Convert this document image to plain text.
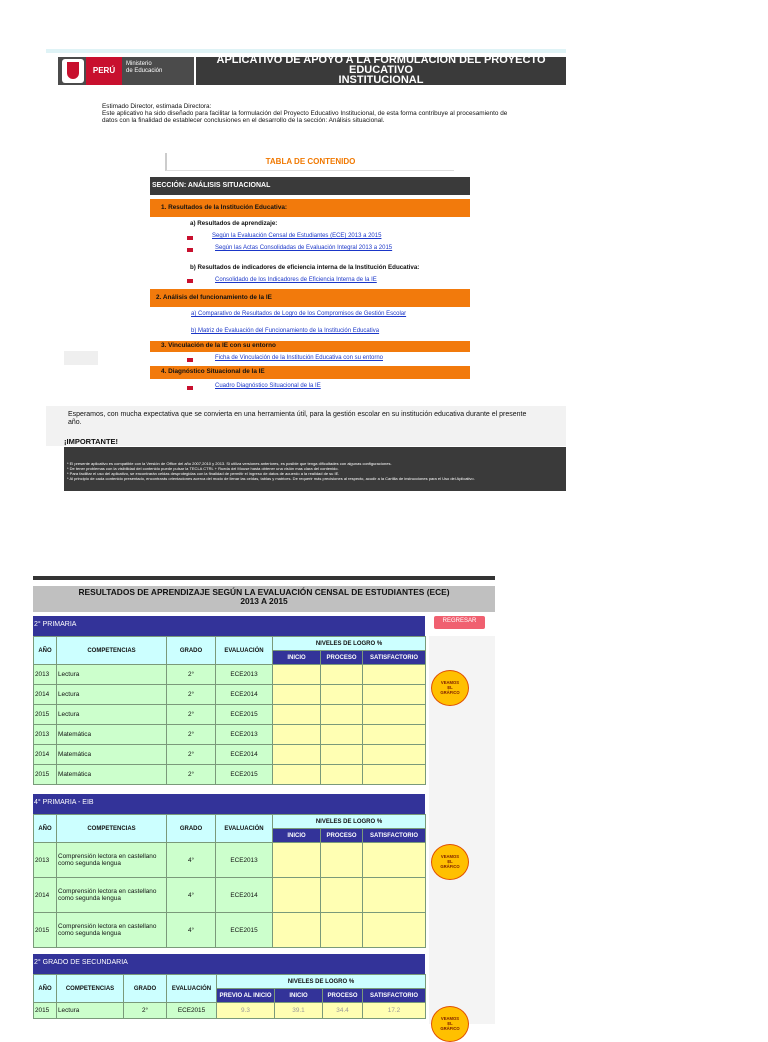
PERÚ
Ministerio
de Educación
APLICATIVO DE APOYO A LA FORMULACION DEL PROYECTO EDUCATIVO
INSTITUCIONAL
PEI
Estimado Director, estimada Directora:
Este aplicativo ha sido diseñado para facilitar la formulación del Proyecto Educativo Institucional, de esta forma contribuye al procesamiento de datos con la finalidad de establecer conclusiones en el desarrollo de la sección: Análisis situacional.
TABLA DE CONTENIDO
SECCIÓN: ANÁLISIS SITUACIONAL
1. Resultados de la Institución Educativa:
a) Resultados de aprendizaje:
Según la Evaluación Censal de Estudiantes (ECE) 2013 a 2015
Según las Actas Consolidadas de Evaluación Integral 2013 a 2015
b) Resultados de indicadores de eficiencia interna de la Institución Educativa:
Consolidado de los Indicadores de Eficiencia Interna de la IE
2. Análisis del funcionamiento de la IE
a) Comparativo de Resultados de Logro de los Compromisos de Gestión Escolar
b) Matriz de Evaluación del Funcionamiento de la Institución Educativa
3. Vinculación de la IE con su entorno
Ficha de Vinculación de la Institución Educativa con su entorno
4. Diagnóstico Situacional de la IE
Cuadro Diagnóstico Situacional de la IE
Esperamos, con mucha expectativa que se convierta en una herramienta útil, para la gestión escolar en su institución educativa durante el presente año.
¡IMPORTANTE!
* El presente aplicativo es compatible con la Versión de Office del año 2007,2010 y 2013. Si utiliza versiones anteriores, es posible que tenga dificultades con algunas configuraciones.
* De tener problemas con la visibilidad del contenido puede pulsar la TECLA CTRL + Rueda del Mouse hasta obtener una visión mas clara del contenido.
* Para facilitar el uso del aplicativo, se encontrarán celdas desprotegidas con la finalidad de permitir el ingreso de datos de acuerdo a la realidad de su IE.
* Al principio de cada contenido presentado, encontrarás orientaciones acerca del modo de llenar las celdas, tablas y matrices. De requerir más precisiones al respecto, acudir a la Cartilla de instrucciones para el Uso del Aplicativo.
RESULTADOS DE APRENDIZAJE SEGÚN LA EVALUACIÓN CENSAL DE ESTUDIANTES (ECE)
2013 A 2015
REGRESAR
2° PRIMARIA
AÑO	COMPETENCIAS	GRADO	EVALUACIÓN	NIVELES DE LOGRO %		
				INICIO	PROCESO	SATISFACTORIO
2013	Lectura	2°	ECE2013			
2014	Lectura	2°	ECE2014			
2015	Lectura	2°	ECE2015			
2013	Matemática	2°	ECE2013			
2014	Matemática	2°	ECE2014			
2015	Matemática	2°	ECE2015			
VEAMOS
EL
GRÁFICO
4° PRIMARIA - EIB
AÑO	COMPETENCIAS	GRADO	EVALUACIÓN	NIVELES DE LOGRO %		
				INICIO	PROCESO	SATISFACTORIO
2013	Comprensión lectora en castellano como segunda lengua	4°	ECE2013			
2014	Comprensión lectora en castellano como segunda lengua	4°	ECE2014			
2015	Comprensión lectora en castellano como segunda lengua	4°	ECE2015			
VEAMOS
EL
GRÁFICO
2° GRADO DE SECUNDARIA
AÑO	COMPETENCIAS	GRADO	EVALUACIÓN	NIVELES DE LOGRO %			
				PREVIO AL INICIO	INICIO	PROCESO	SATISFACTORIO
2015	Lectura	2°	ECE2015	9.3	39.1	34.4	17.2
VEAMOS
EL
GRÁFICO
